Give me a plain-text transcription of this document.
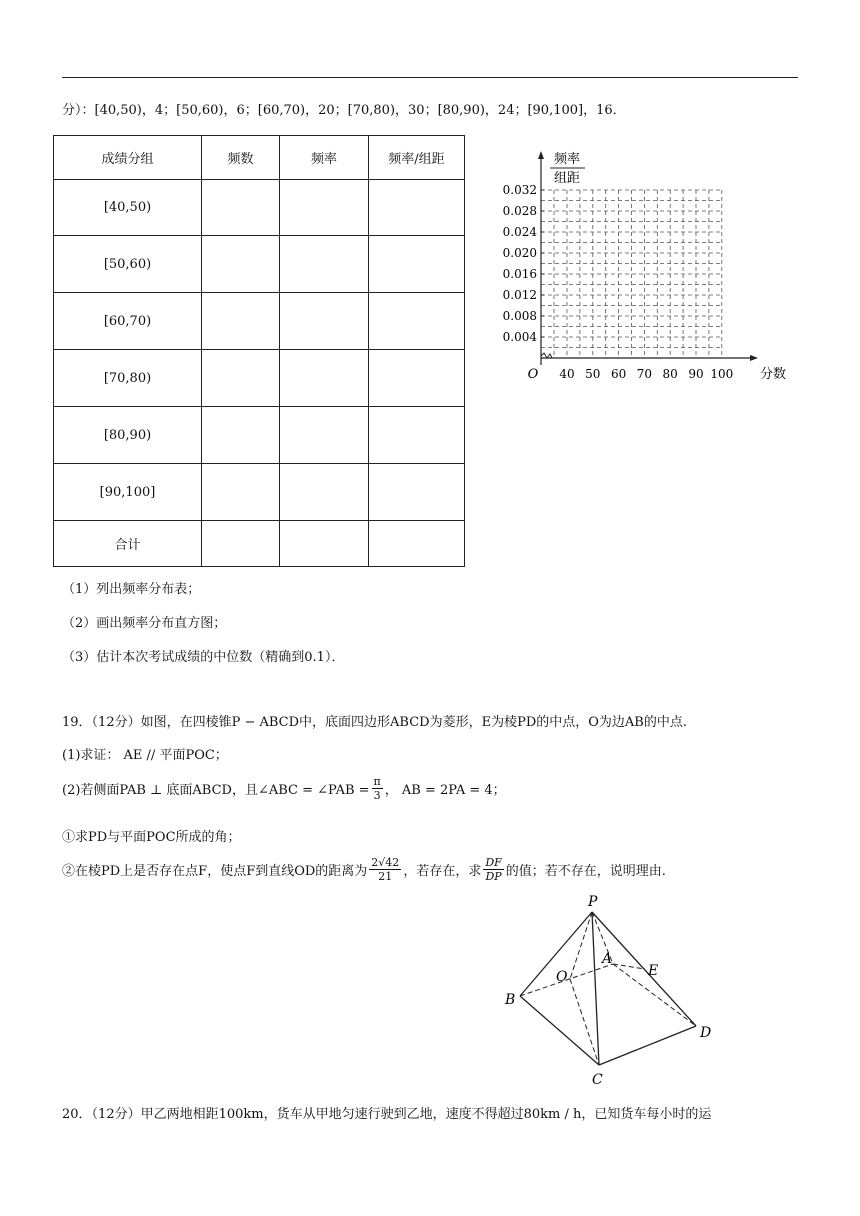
分）：[40,50)，4；[50,60)，6；[60,70)，20；[70,80)，30；[80,90)，24；[90,100]，16．
成绩分组	频数	频率	频率/组距
[40,50)			
[50,60)			
[60,70)			
[70,80)			
[80,90)			
[90,100]			
合计			
0.032
0.028
0.024
0.020
0.016
0.012
0.008
0.004
40 50 60 70 80 90 100
频率
组距
分数
O
（1）列出频率分布表；
（2）画出频率分布直方图；
（3）估计本次考试成绩的中位数（精确到0.1）．
19．（12分）如图，在四棱锥P − ABCD中，底面四边形ABCD为菱形，E为棱PD的中点，O为边AB的中点.
(1)求证： AE // 平面POC；
(2)若侧面PAB ⊥ 底面ABCD，且∠ABC = ∠PAB = $\frac{\pi}{3}$ ， AB = 2PA = 4；
①求PD与平面POC所成的角；
②在棱PD上是否存在点F，使点F到直线OD的距离为 $\frac{2√42}{21}$ ，若存在，求 $\frac{DF}{DP}$ 的值；若不存在，说明理由.
P
A
E
O
B
D
C
20．（12分）甲乙两地相距100km，货车从甲地匀速行驶到乙地，速度不得超过80km / h，已知货车每小时的运
